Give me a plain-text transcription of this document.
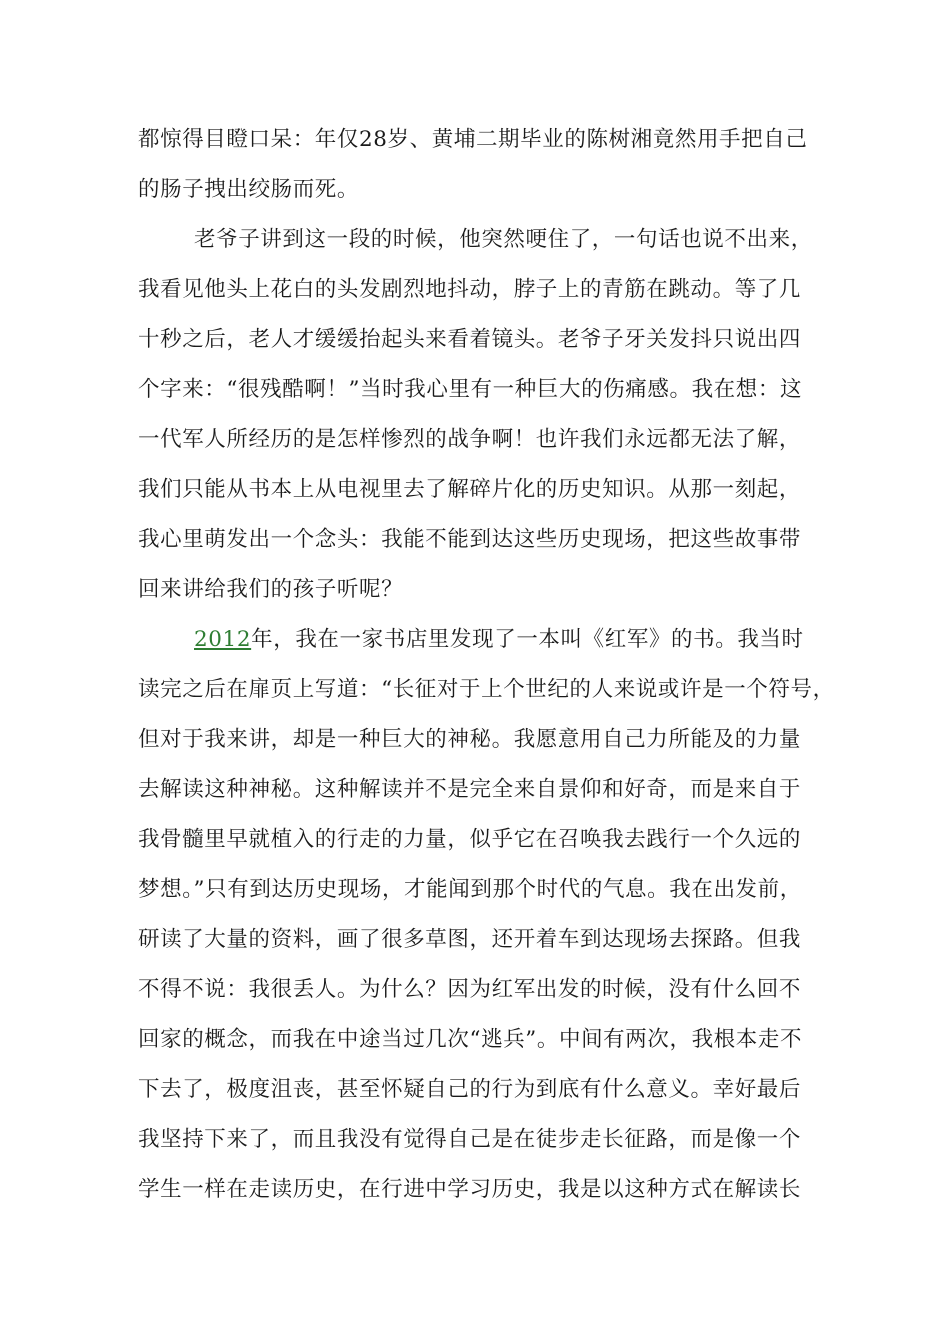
都惊得目瞪口呆：年仅28岁、黄埔二期毕业的陈树湘竟然用手把自己
的肠子拽出绞肠而死。
老爷子讲到这一段的时候，他突然哽住了，一句话也说不出来，
我看见他头上花白的头发剧烈地抖动，脖子上的青筋在跳动。等了几
十秒之后，老人才缓缓抬起头来看着镜头。老爷子牙关发抖只说出四
个字来：“很残酷啊！”当时我心里有一种巨大的伤痛感。我在想：这
一代军人所经历的是怎样惨烈的战争啊！也许我们永远都无法了解，
我们只能从书本上从电视里去了解碎片化的历史知识。从那一刻起，
我心里萌发出一个念头：我能不能到达这些历史现场，把这些故事带
回来讲给我们的孩子听呢？
2012年，我在一家书店里发现了一本叫《红军》的书。我当时
读完之后在扉页上写道：“长征对于上个世纪的人来说或许是一个符号，
但对于我来讲，却是一种巨大的神秘。我愿意用自己力所能及的力量
去解读这种神秘。这种解读并不是完全来自景仰和好奇，而是来自于
我骨髓里早就植入的行走的力量，似乎它在召唤我去践行一个久远的
梦想。”只有到达历史现场，才能闻到那个时代的气息。我在出发前，
研读了大量的资料，画了很多草图，还开着车到达现场去探路。但我
不得不说：我很丢人。为什么？因为红军出发的时候，没有什么回不
回家的概念，而我在中途当过几次“逃兵”。中间有两次，我根本走不
下去了，极度沮丧，甚至怀疑自己的行为到底有什么意义。幸好最后
我坚持下来了，而且我没有觉得自己是在徒步走长征路，而是像一个
学生一样在走读历史，在行进中学习历史，我是以这种方式在解读长
